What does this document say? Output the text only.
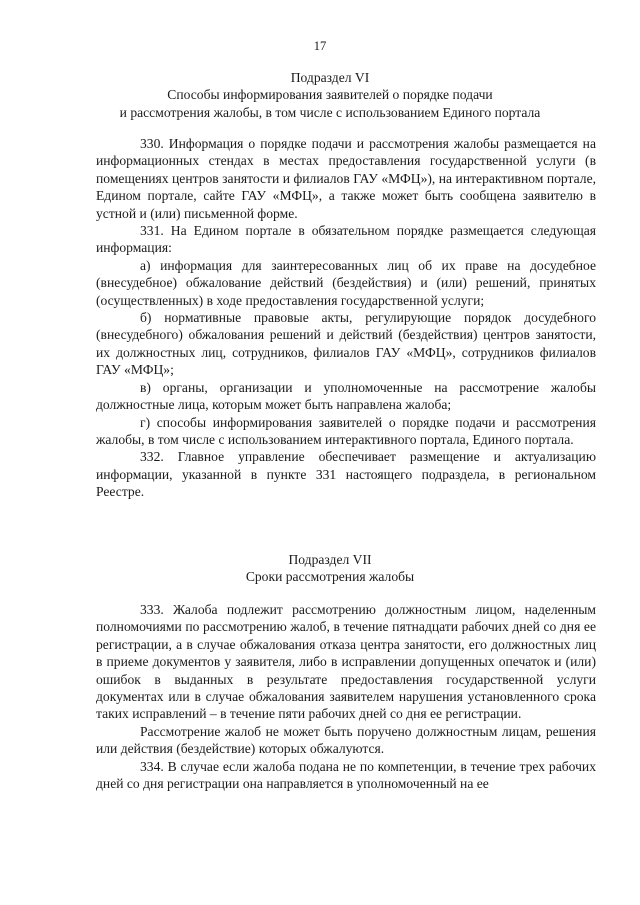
17
Подраздел VI
Способы информирования заявителей о порядке подачи
и рассмотрения жалобы, в том числе с использованием Единого портала

330. Информация о порядке подачи и рассмотрения жалобы размещается на информационных стендах в местах предоставления государственной услуги (в помещениях центров занятости и филиалов ГАУ «МФЦ»), на интерактивном портале, Едином портале, сайте ГАУ «МФЦ», а также может быть сообщена заявителю в устной и (или) письменной форме.

331. На Едином портале в обязательном порядке размещается следующая информация:

а) информация для заинтересованных лиц об их праве на досудебное (внесудебное) обжалование действий (бездействия) и (или) решений, принятых (осуществленных) в ходе предоставления государственной услуги;

б) нормативные правовые акты, регулирующие порядок досудебного (внесудебного) обжалования решений и действий (бездействия) центров занятости, их должностных лиц, сотрудников, филиалов ГАУ «МФЦ», сотрудников филиалов ГАУ «МФЦ»;

в) органы, организации и уполномоченные на рассмотрение жалобы должностные лица, которым может быть направлена жалоба;

г) способы информирования заявителей о порядке подачи и рассмотрения жалобы, в том числе с использованием интерактивного портала, Единого портала.

332. Главное управление обеспечивает размещение и актуализацию информации, указанной в пункте 331 настоящего подраздела, в региональном Реестре.

Подраздел VII
Сроки рассмотрения жалобы

333. Жалоба подлежит рассмотрению должностным лицом, наделенным полномочиями по рассмотрению жалоб, в течение пятнадцати рабочих дней со дня ее регистрации, а в случае обжалования отказа центра занятости, его должностных лиц в приеме документов у заявителя, либо в исправлении допущенных опечаток и (или) ошибок в выданных в результате предоставления государственной услуги документах или в случае обжалования заявителем нарушения установленного срока таких исправлений – в течение пяти рабочих дней со дня ее регистрации.

Рассмотрение жалоб не может быть поручено должностным лицам, решения или действия (бездействие) которых обжалуются.

334. В случае если жалоба подана не по компетенции, в течение трех рабочих дней со дня регистрации она направляется в уполномоченный на ее
